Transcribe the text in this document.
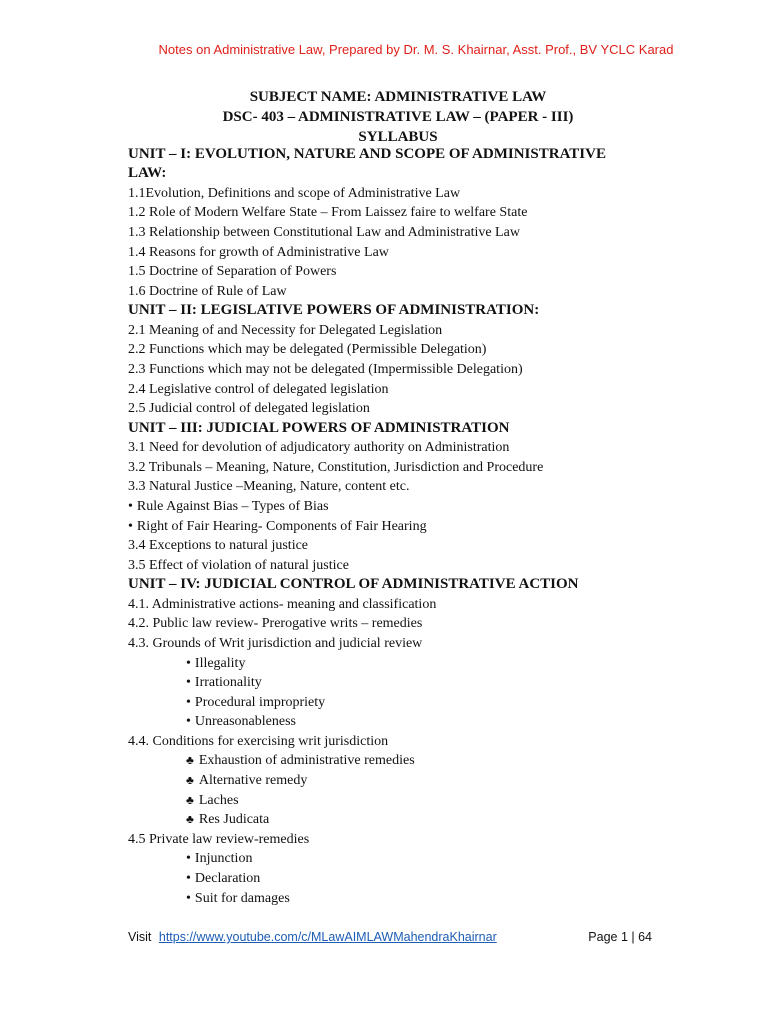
Notes on Administrative Law, Prepared by Dr. M. S. Khairnar, Asst. Prof., BV YCLC Karad
SUBJECT NAME: ADMINISTRATIVE LAW
DSC- 403 – ADMINISTRATIVE LAW – (PAPER - III)
SYLLABUS
UNIT – I: EVOLUTION, NATURE AND SCOPE OF ADMINISTRATIVE
LAW:
1.1Evolution, Definitions and scope of Administrative Law
1.2 Role of Modern Welfare State – From Laissez faire to welfare State
1.3 Relationship between Constitutional Law and Administrative Law
1.4 Reasons for growth of Administrative Law
1.5 Doctrine of Separation of Powers
1.6 Doctrine of Rule of Law
UNIT – II: LEGISLATIVE POWERS OF ADMINISTRATION:
2.1 Meaning of and Necessity for Delegated Legislation
2.2 Functions which may be delegated (Permissible Delegation)
2.3 Functions which may not be delegated (Impermissible Delegation)
2.4 Legislative control of delegated legislation
2.5 Judicial control of delegated legislation
UNIT – III: JUDICIAL POWERS OF ADMINISTRATION
3.1 Need for devolution of adjudicatory authority on Administration
3.2 Tribunals – Meaning, Nature, Constitution, Jurisdiction and Procedure
3.3 Natural Justice –Meaning, Nature, content etc.
• Rule Against Bias – Types of Bias
• Right of Fair Hearing- Components of Fair Hearing
3.4 Exceptions to natural justice
3.5 Effect of violation of natural justice
UNIT – IV: JUDICIAL CONTROL OF ADMINISTRATIVE ACTION
4.1. Administrative actions- meaning and classification
4.2. Public law review- Prerogative writs – remedies
4.3. Grounds of Writ jurisdiction and judicial review
• Illegality
• Irrationality
• Procedural impropriety
• Unreasonableness
4.4. Conditions for exercising writ jurisdiction
♣ Exhaustion of administrative remedies
♣ Alternative remedy
♣ Laches
♣ Res Judicata
4.5 Private law review-remedies
• Injunction
• Declaration
• Suit for damages
Visit https://www.youtube.com/c/MLawAIMLAWMahendraKhairnar	Page 1 | 64
